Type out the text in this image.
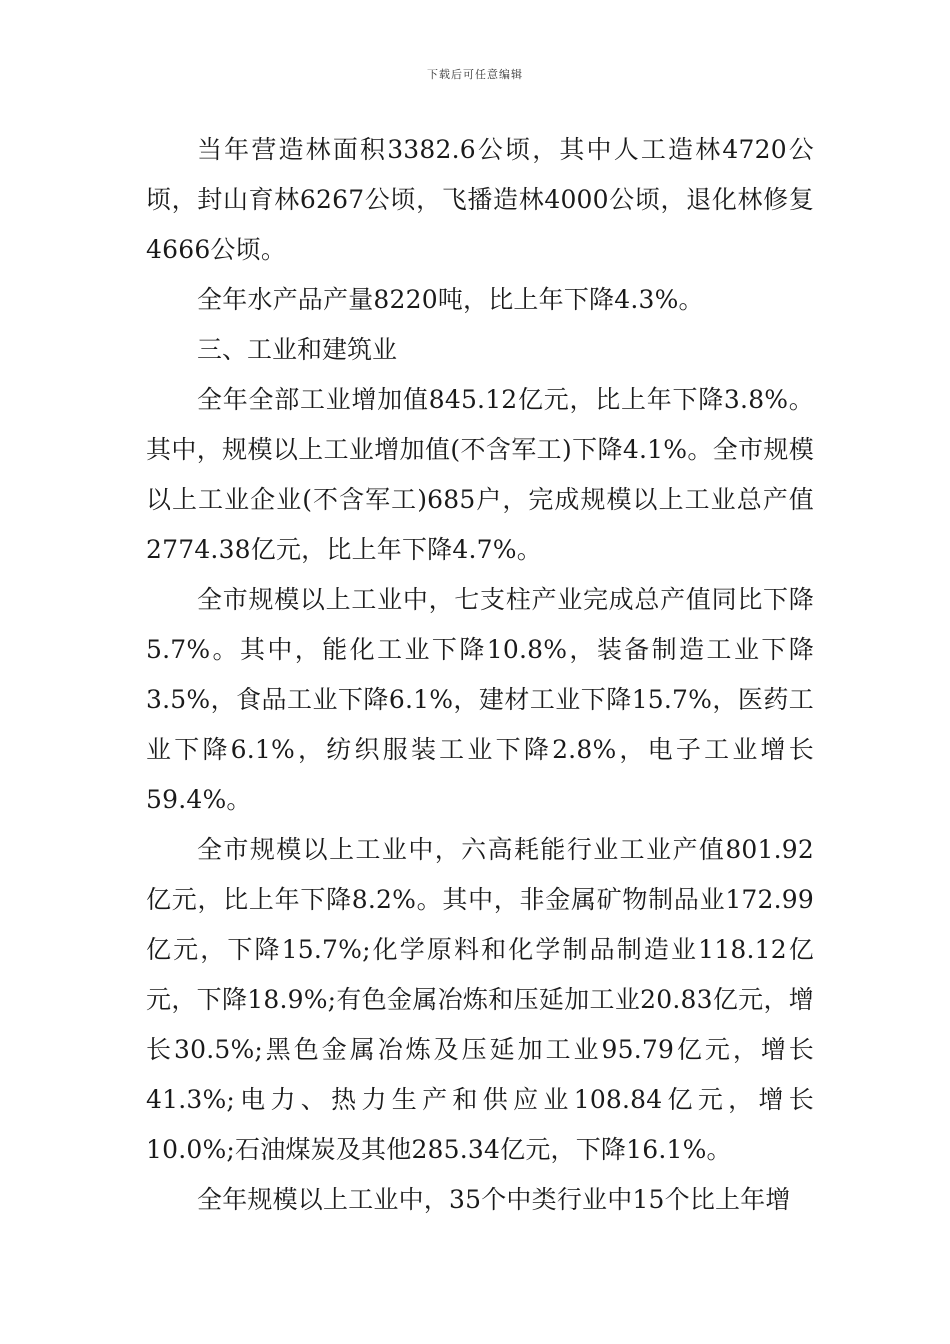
下载后可任意编辑

当年营造林面积3382.6公顷，其中人工造林4720公顷，封山育林6267公顷，飞播造林4000公顷，退化林修复4666公顷。

全年水产品产量8220吨，比上年下降4.3%。

三、工业和建筑业

全年全部工业增加值845.12亿元，比上年下降3.8%。其中，规模以上工业增加值(不含军工)下降4.1%。全市规模以上工业企业(不含军工)685户，完成规模以上工业总产值2774.38亿元，比上年下降4.7%。

全市规模以上工业中，七支柱产业完成总产值同比下降5.7%。其中，能化工业下降10.8%，装备制造工业下降3.5%，食品工业下降6.1%，建材工业下降15.7%，医药工业下降6.1%，纺织服装工业下降2.8%，电子工业增长59.4%。

全市规模以上工业中，六高耗能行业工业产值801.92亿元，比上年下降8.2%。其中，非金属矿物制品业172.99亿元，下降15.7%;化学原料和化学制品制造业118.12亿元，下降18.9%;有色金属冶炼和压延加工业20.83亿元，增长30.5%;黑色金属冶炼及压延加工业95.79亿元，增长41.3%;电力、热力生产和供应业108.84亿元，增长10.0%;石油煤炭及其他285.34亿元，下降16.1%。

全年规模以上工业中，35个中类行业中15个比上年增
